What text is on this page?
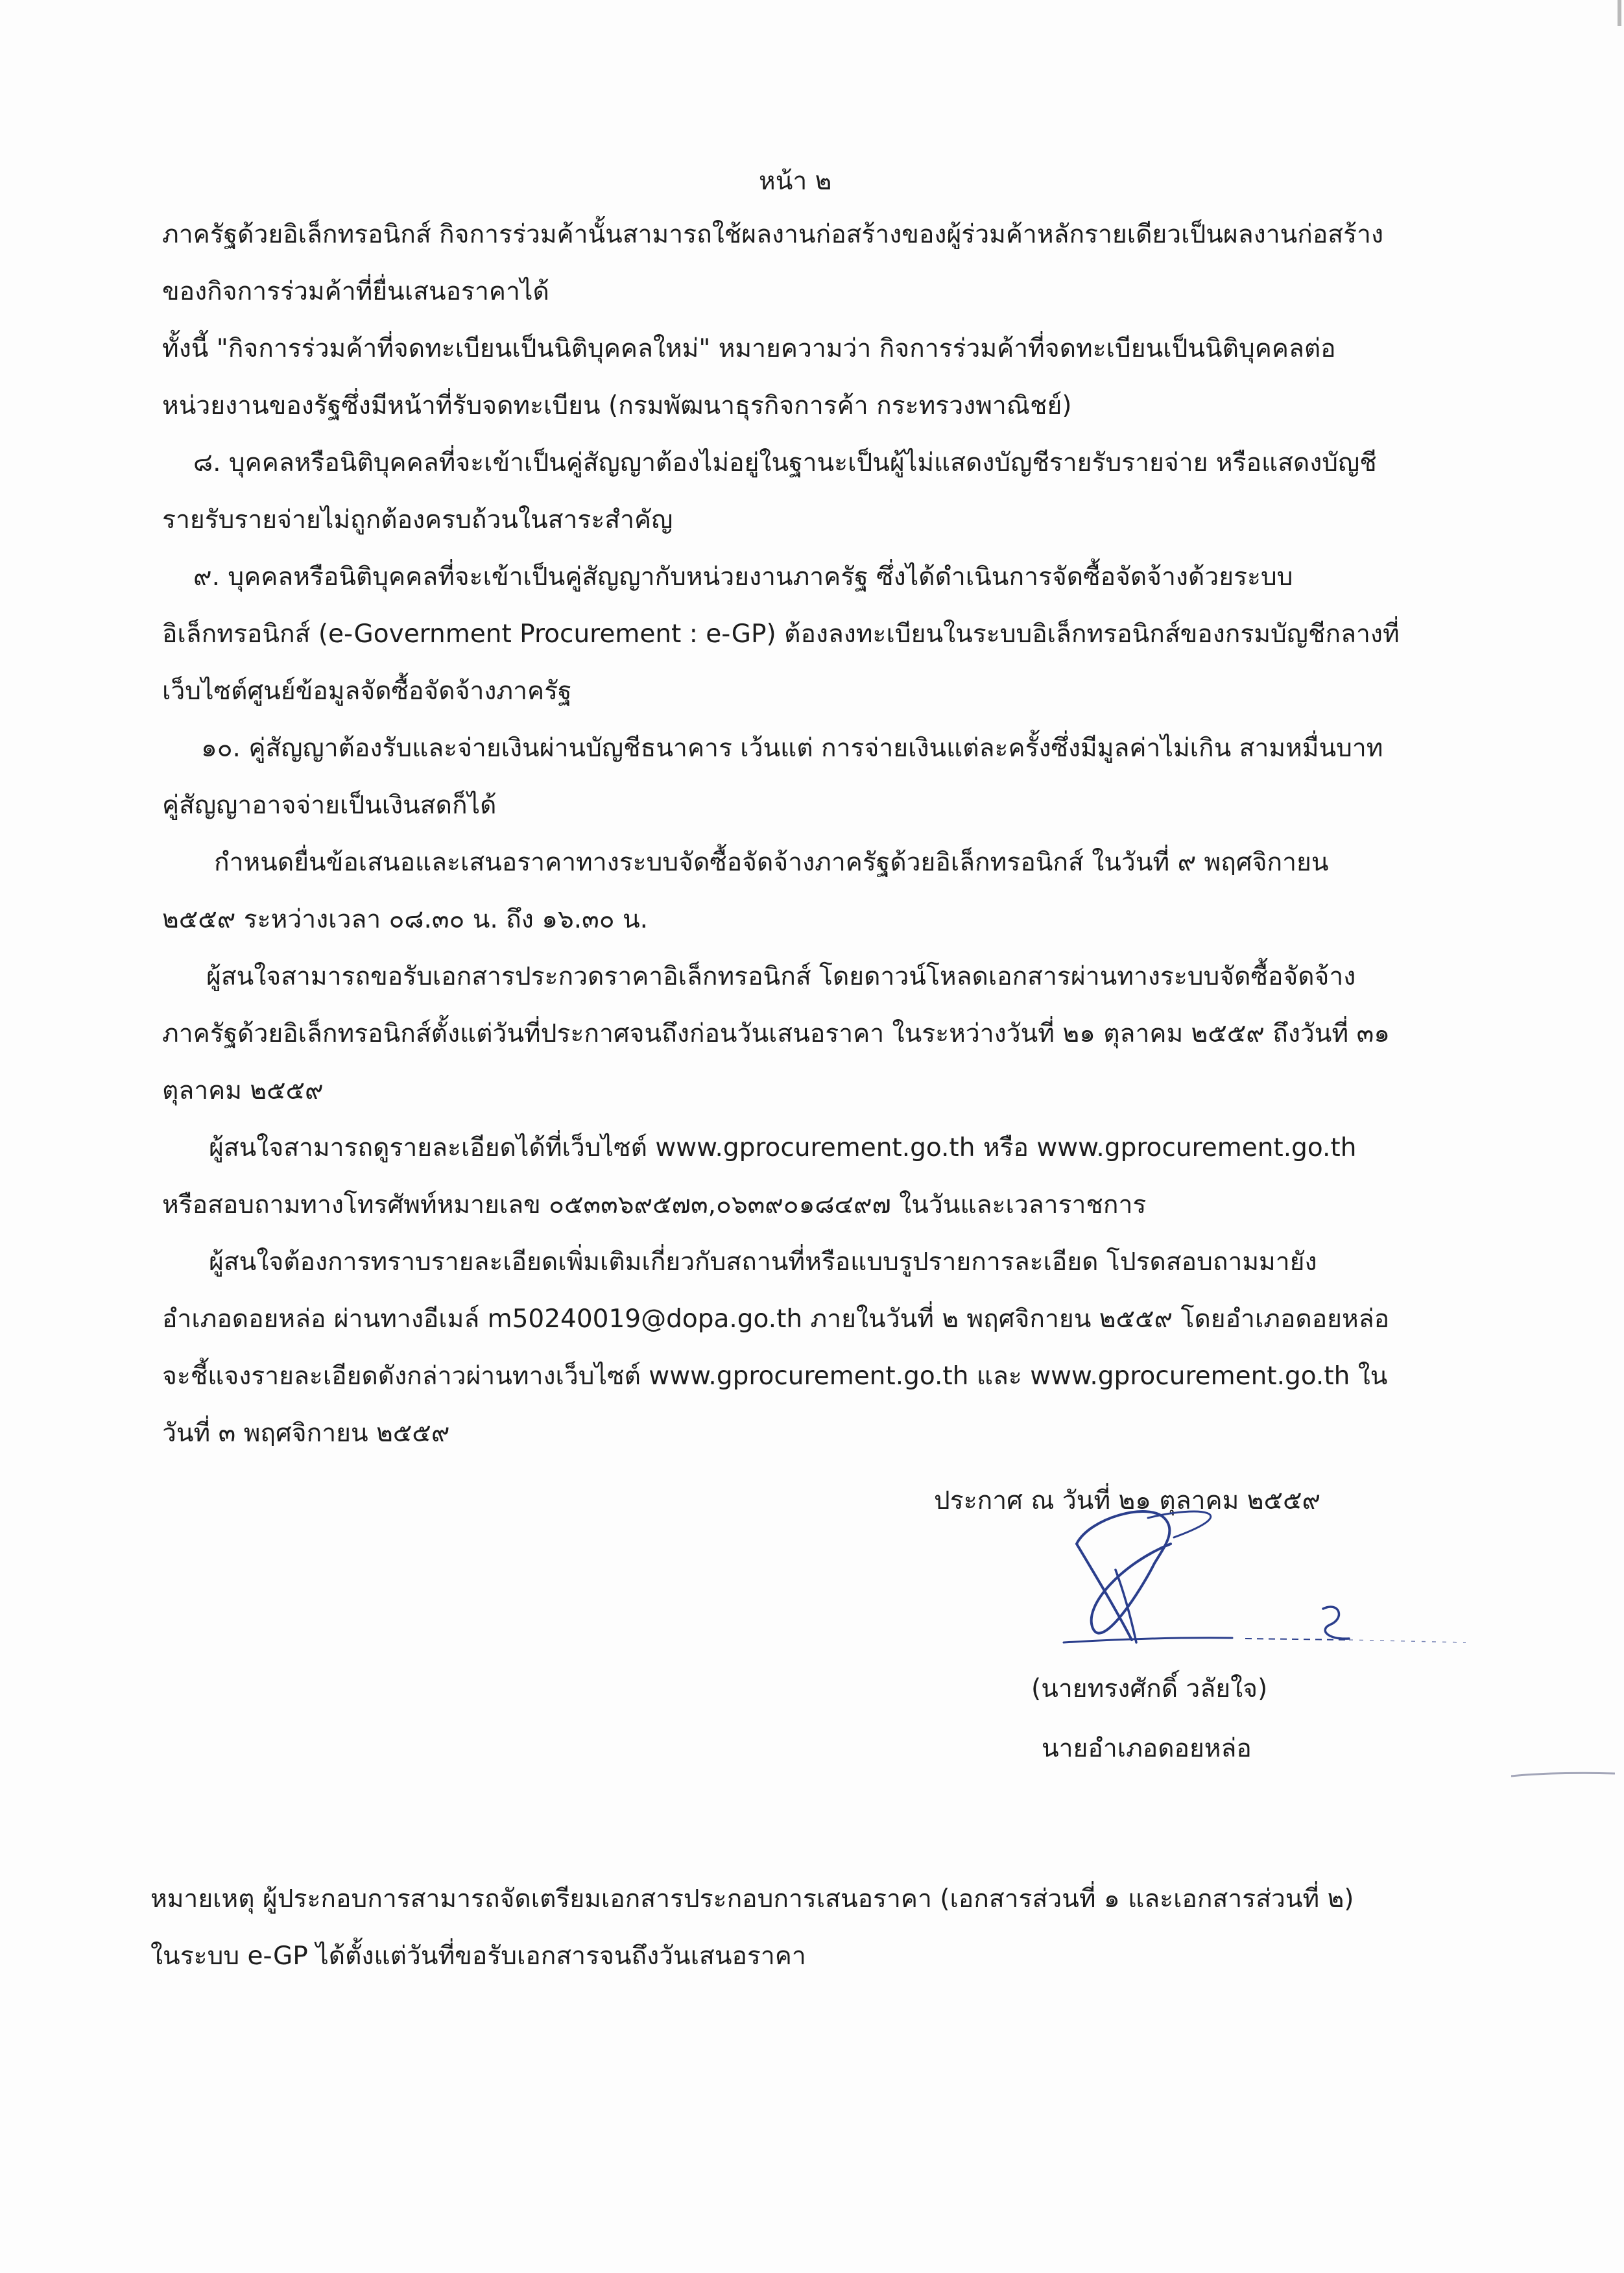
หน้า ๒

ภาครัฐด้วยอิเล็กทรอนิกส์ กิจการร่วมค้านั้นสามารถใช้ผลงานก่อสร้างของผู้ร่วมค้าหลักรายเดียวเป็นผลงานก่อสร้าง
ของกิจการร่วมค้าที่ยื่นเสนอราคาได้

ทั้งนี้ "กิจการร่วมค้าที่จดทะเบียนเป็นนิติบุคคลใหม่" หมายความว่า กิจการร่วมค้าที่จดทะเบียนเป็นนิติบุคคลต่อ
หน่วยงานของรัฐซึ่งมีหน้าที่รับจดทะเบียน (กรมพัฒนาธุรกิจการค้า กระทรวงพาณิชย์)

๘. บุคคลหรือนิติบุคคลที่จะเข้าเป็นคู่สัญญาต้องไม่อยู่ในฐานะเป็นผู้ไม่แสดงบัญชีรายรับรายจ่าย หรือแสดงบัญชี
รายรับรายจ่ายไม่ถูกต้องครบถ้วนในสาระสำคัญ

๙. บุคคลหรือนิติบุคคลที่จะเข้าเป็นคู่สัญญากับหน่วยงานภาครัฐ ซึ่งได้ดำเนินการจัดซื้อจัดจ้างด้วยระบบ
อิเล็กทรอนิกส์ (e-Government Procurement : e-GP) ต้องลงทะเบียนในระบบอิเล็กทรอนิกส์ของกรมบัญชีกลางที่
เว็บไซต์ศูนย์ข้อมูลจัดซื้อจัดจ้างภาครัฐ

๑๐. คู่สัญญาต้องรับและจ่ายเงินผ่านบัญชีธนาคาร เว้นแต่ การจ่ายเงินแต่ละครั้งซึ่งมีมูลค่าไม่เกิน สามหมื่นบาท
คู่สัญญาอาจจ่ายเป็นเงินสดก็ได้

กำหนดยื่นข้อเสนอและเสนอราคาทางระบบจัดซื้อจัดจ้างภาครัฐด้วยอิเล็กทรอนิกส์ ในวันที่ ๙ พฤศจิกายน
๒๕๕๙ ระหว่างเวลา ๐๘.๓๐ น. ถึง ๑๖.๓๐ น.

ผู้สนใจสามารถขอรับเอกสารประกวดราคาอิเล็กทรอนิกส์ โดยดาวน์โหลดเอกสารผ่านทางระบบจัดซื้อจัดจ้าง
ภาครัฐด้วยอิเล็กทรอนิกส์ตั้งแต่วันที่ประกาศจนถึงก่อนวันเสนอราคา ในระหว่างวันที่ ๒๑ ตุลาคม ๒๕๕๙ ถึงวันที่ ๓๑
ตุลาคม ๒๕๕๙

ผู้สนใจสามารถดูรายละเอียดได้ที่เว็บไซต์ www.gprocurement.go.th หรือ www.gprocurement.go.th
หรือสอบถามทางโทรศัพท์หมายเลข ๐๕๓๓๖๙๕๗๓,๐๖๓๙๐๑๘๔๙๗ ในวันและเวลาราชการ

ผู้สนใจต้องการทราบรายละเอียดเพิ่มเติมเกี่ยวกับสถานที่หรือแบบรูปรายการละเอียด โปรดสอบถามมายัง
อำเภอดอยหล่อ ผ่านทางอีเมล์ m50240019@dopa.go.th ภายในวันที่ ๒ พฤศจิกายน ๒๕๕๙ โดยอำเภอดอยหล่อ
จะชี้แจงรายละเอียดดังกล่าวผ่านทางเว็บไซต์ www.gprocurement.go.th และ www.gprocurement.go.th ใน
วันที่ ๓ พฤศจิกายน ๒๕๕๙

ประกาศ ณ วันที่ ๒๑ ตุลาคม ๒๕๕๙
(นายทรงศักดิ์ วลัยใจ)
นายอำเภอดอยหล่อ
หมายเหตุ ผู้ประกอบการสามารถจัดเตรียมเอกสารประกอบการเสนอราคา (เอกสารส่วนที่ ๑ และเอกสารส่วนที่ ๒)
ในระบบ e-GP ได้ตั้งแต่วันที่ขอรับเอกสารจนถึงวันเสนอราคา
